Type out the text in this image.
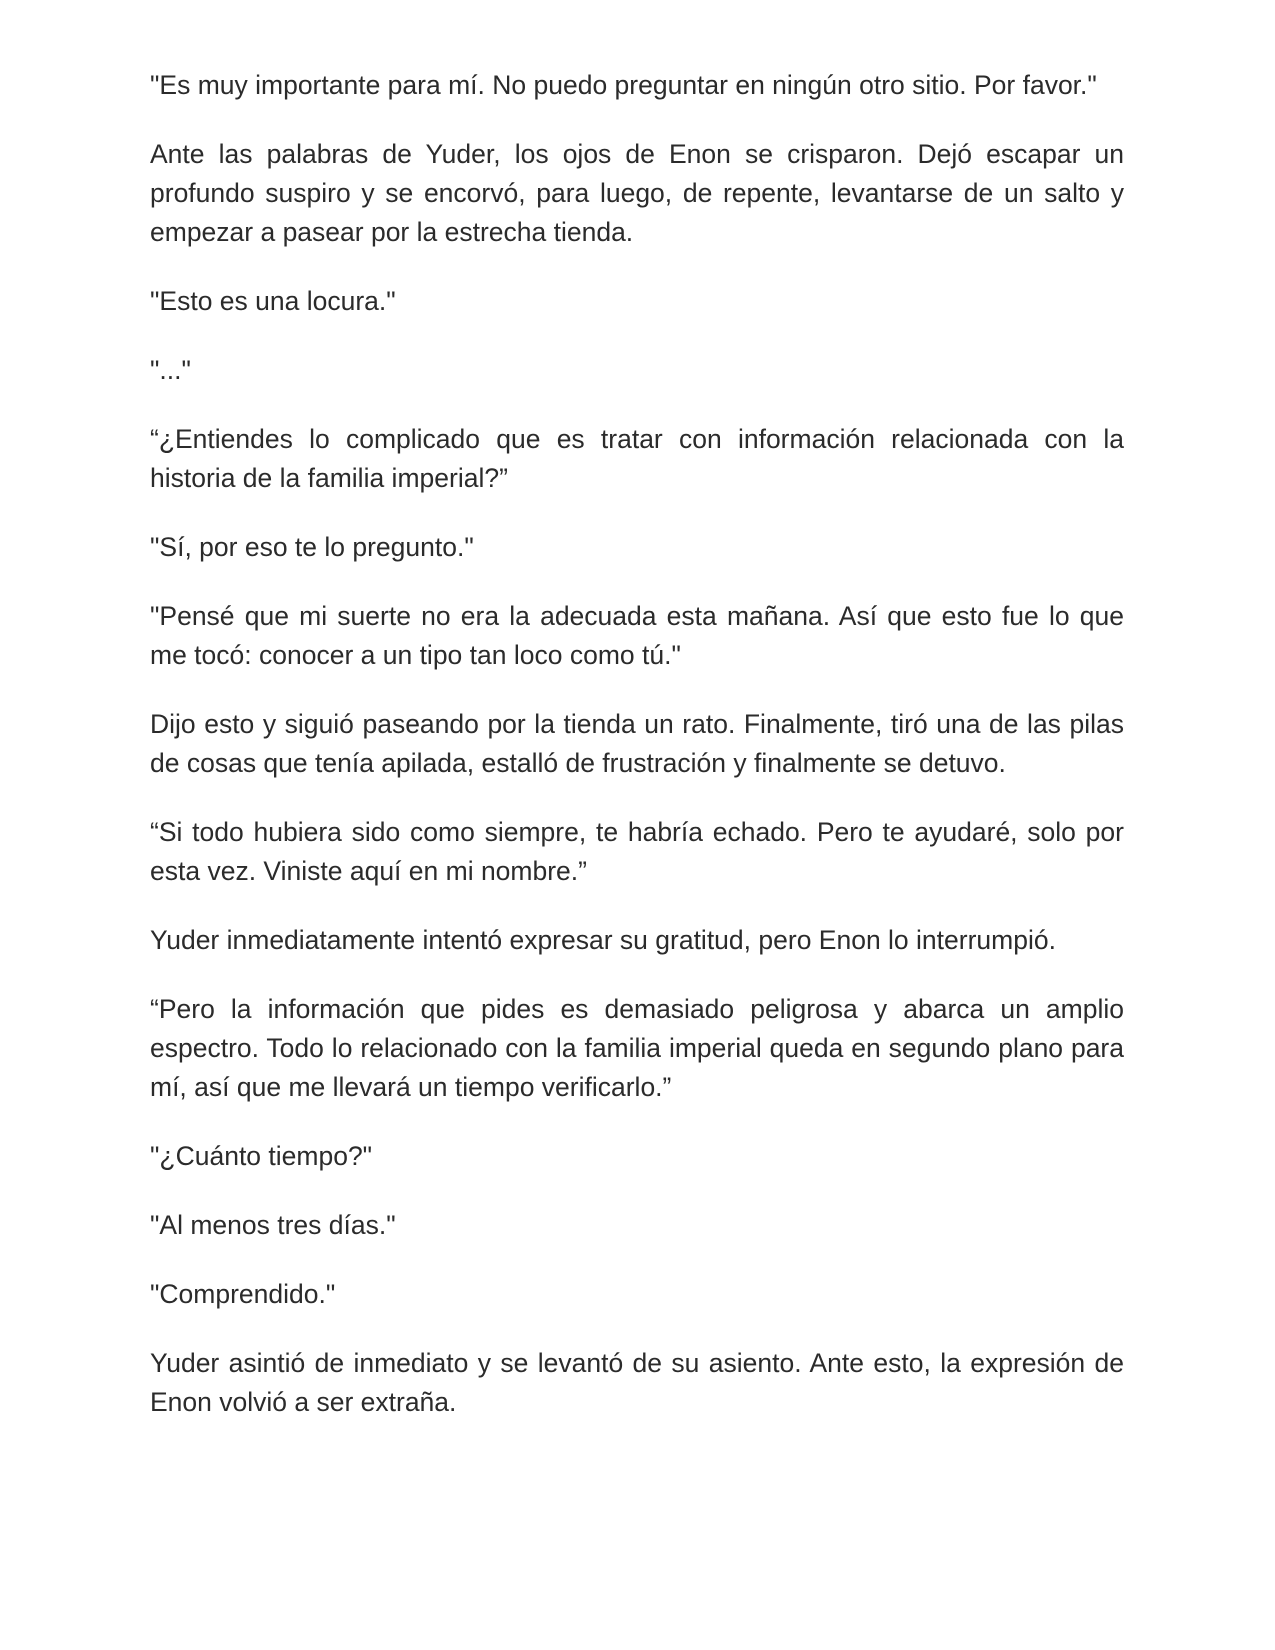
"Es muy importante para mí. No puedo preguntar en ningún otro sitio. Por favor."

Ante las palabras de Yuder, los ojos de Enon se crisparon. Dejó escapar un profundo suspiro y se encorvó, para luego, de repente, levantarse de un salto y empezar a pasear por la estrecha tienda.

"Esto es una locura."

"..."

“¿Entiendes lo complicado que es tratar con información relacionada con la historia de la familia imperial?”

"Sí, por eso te lo pregunto."

"Pensé que mi suerte no era la adecuada esta mañana. Así que esto fue lo que me tocó: conocer a un tipo tan loco como tú."

Dijo esto y siguió paseando por la tienda un rato. Finalmente, tiró una de las pilas de cosas que tenía apilada, estalló de frustración y finalmente se detuvo.

“Si todo hubiera sido como siempre, te habría echado. Pero te ayudaré, solo por esta vez. Viniste aquí en mi nombre.”

Yuder inmediatamente intentó expresar su gratitud, pero Enon lo interrumpió.

“Pero la información que pides es demasiado peligrosa y abarca un amplio espectro. Todo lo relacionado con la familia imperial queda en segundo plano para mí, así que me llevará un tiempo verificarlo.”

"¿Cuánto tiempo?"

"Al menos tres días."

"Comprendido."

Yuder asintió de inmediato y se levantó de su asiento. Ante esto, la expresión de Enon volvió a ser extraña.
